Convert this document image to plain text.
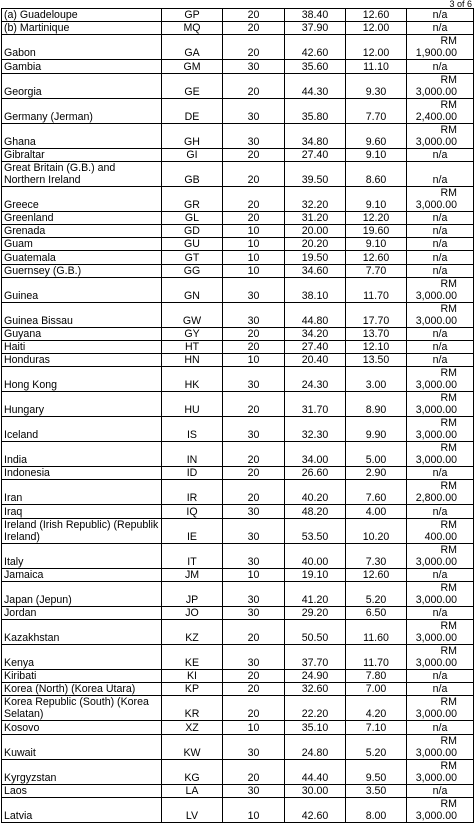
3 of 6
(a) Guadeloupe	GP	20	38.40	12.60	n/a
(b) Martinique	MQ	20	37.90	12.00	n/a
Gabon	GA	20	42.60	12.00	RM 1,900.00
Gambia	GM	30	35.60	11.10	n/a
Georgia	GE	20	44.30	9.30	RM 3,000.00
Germany (Jerman)	DE	30	35.80	7.70	RM 2,400.00
Ghana	GH	30	34.80	9.60	RM 3,000.00
Gibraltar	GI	20	27.40	9.10	n/a
Great Britain (G.B.) and Northern Ireland	GB	20	39.50	8.60	n/a
Greece	GR	20	32.20	9.10	RM 3,000.00
Greenland	GL	20	31.20	12.20	n/a
Grenada	GD	10	20.00	19.60	n/a
Guam	GU	10	20.20	9.10	n/a
Guatemala	GT	10	19.50	12.60	n/a
Guernsey (G.B.)	GG	10	34.60	7.70	n/a
Guinea	GN	30	38.10	11.70	RM 3,000.00
Guinea Bissau	GW	30	44.80	17.70	RM 3,000.00
Guyana	GY	20	34.20	13.70	n/a
Haiti	HT	20	27.40	12.10	n/a
Honduras	HN	10	20.40	13.50	n/a
Hong Kong	HK	30	24.30	3.00	RM 3,000.00
Hungary	HU	20	31.70	8.90	RM 3,000.00
Iceland	IS	30	32.30	9.90	RM 3,000.00
India	IN	20	34.00	5.00	RM 3,000.00
Indonesia	ID	20	26.60	2.90	n/a
Iran	IR	20	40.20	7.60	RM 2,800.00
Iraq	IQ	30	48.20	4.00	n/a
Ireland (Irish Republic) (Republik Ireland)	IE	30	53.50	10.20	RM 400.00
Italy	IT	30	40.00	7.30	RM 3,000.00
Jamaica	JM	10	19.10	12.60	n/a
Japan (Jepun)	JP	30	41.20	5.20	RM 3,000.00
Jordan	JO	30	29.20	6.50	n/a
Kazakhstan	KZ	20	50.50	11.60	RM 3,000.00
Kenya	KE	30	37.70	11.70	RM 3,000.00
Kiribati	KI	20	24.90	7.80	n/a
Korea (North) (Korea Utara)	KP	20	32.60	7.00	n/a
Korea Republic (South) (Korea Selatan)	KR	20	22.20	4.20	RM 3,000.00
Kosovo	XZ	10	35.10	7.10	n/a
Kuwait	KW	30	24.80	5.20	RM 3,000.00
Kyrgyzstan	KG	20	44.40	9.50	RM 3,000.00
Laos	LA	30	30.00	3.50	n/a
Latvia	LV	10	42.60	8.00	RM 3,000.00
